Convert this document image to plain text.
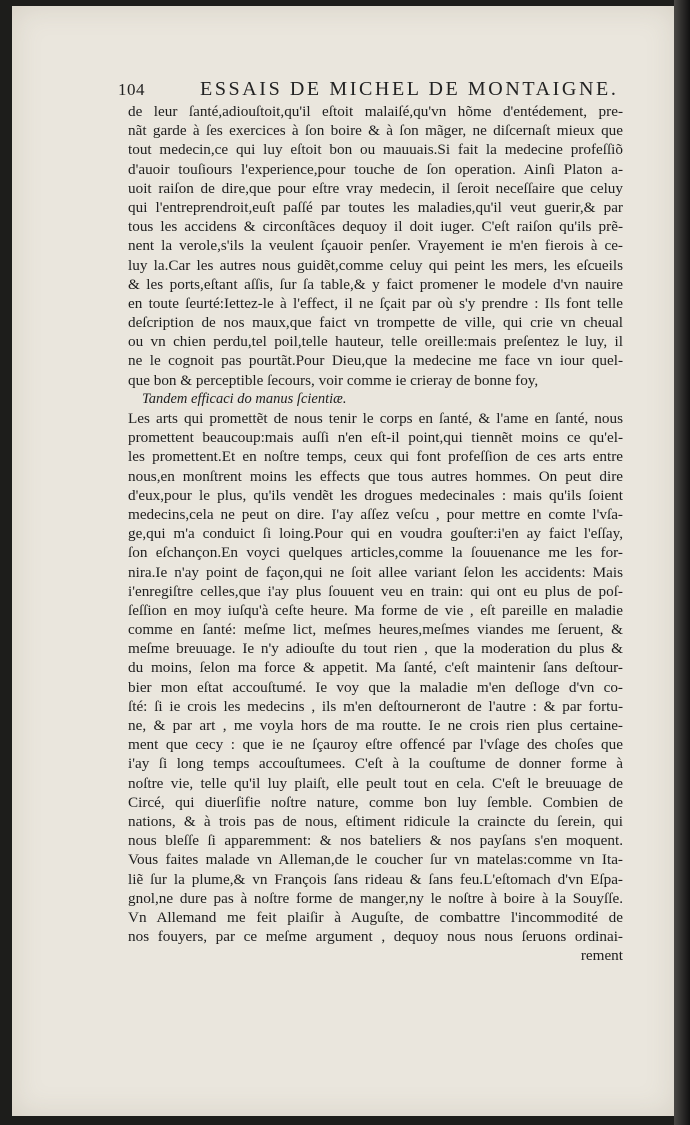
104	ESSAIS DE MICHEL DE MONTAIGNE.
de leur ſanté,adiouſtoit,qu'il eſtoit malaiſé,qu'vn hõme d'entédement, pre-
nãt garde à ſes exercices à ſon boire & à ſon mãger, ne diſcernaſt mieux que
tout medecin,ce qui luy eſtoit bon ou mauuais.Si fait la medecine profeſſiõ
d'auoir touſiours l'experience,pour touche de ſon operation. Ainſi Platon a-
uoit raiſon de dire,que pour eſtre vray medecin, il ſeroit neceſſaire que celuy
qui l'entreprendroit,euſt paſſé par toutes les maladies,qu'il veut guerir,& par
tous les accidens & circonſtãces dequoy il doit iuger. C'eſt raiſon qu'ils prẽ-
nent la verole,s'ils la veulent ſçauoir penſer. Vrayement ie m'en fierois à ce-
luy la.Car les autres nous guidẽt,comme celuy qui peint les mers, les eſcueils
& les ports,eſtant aſſis, ſur ſa table,& y faict promener le modele d'vn nauire
en toute ſeurté:Iettez-le à l'effect, il ne ſçait par où s'y prendre : Ils font telle
deſcription de nos maux,que faict vn trompette de ville, qui crie vn cheual
ou vn chien perdu,tel poil,telle hauteur, telle oreille:mais preſentez le luy, il
ne le cognoit pas pourtãt.Pour Dieu,que la medecine me face vn iour quel-
que bon & perceptible ſecours, voir comme ie crieray de bonne foy,
Tandem efficaci do manus ſcientiæ.
Les arts qui promettẽt de nous tenir le corps en ſanté, & l'ame en ſanté, nous
promettent beaucoup:mais auſſi n'en eſt-il point,qui tiennẽt moins ce qu'el-
les promettent.Et en noſtre temps, ceux qui font profeſſion de ces arts entre
nous,en monſtrent moins les effects que tous autres hommes. On peut dire
d'eux,pour le plus, qu'ils vendẽt les drogues medecinales : mais qu'ils ſoient
medecins,cela ne peut on dire. I'ay aſſez veſcu , pour mettre en comte l'vſa-
ge,qui m'a conduict ſi loing.Pour qui en voudra gouſter:i'en ay faict l'eſſay,
ſon eſchançon.En voyci quelques articles,comme la ſouuenance me les for-
nira.Ie n'ay point de façon,qui ne ſoit allee variant ſelon les accidents: Mais
i'enregiſtre celles,que i'ay plus ſouuent veu en train: qui ont eu plus de poſ-
ſeſſion en moy iuſqu'à ceſte heure. Ma forme de vie , eſt pareille en maladie
comme en ſanté: meſme lict, meſmes heures,meſmes viandes me ſeruent, &
meſme breuuage. Ie n'y adiouſte du tout rien , que la moderation du plus &
du moins, ſelon ma force & appetit. Ma ſanté, c'eſt maintenir ſans deſtour-
bier mon eſtat accouſtumé. Ie voy que la maladie m'en deſloge d'vn co-
ſté: ſi ie crois les medecins , ils m'en deſtourneront de l'autre : & par fortu-
ne, & par art , me voyla hors de ma routte. Ie ne crois rien plus certaine-
ment que cecy : que ie ne ſçauroy eſtre offencé par l'vſage des choſes que
i'ay ſi long temps accouſtumees. C'eſt à la couſtume de donner forme à
noſtre vie, telle qu'il luy plaiſt, elle peult tout en cela. C'eſt le breuuage de
Circé, qui diuerſifie noſtre nature, comme bon luy ſemble. Combien de
nations, & à trois pas de nous, eſtiment ridicule la craincte du ſerein, qui
nous bleſſe ſi apparemment: & nos bateliers & nos payſans s'en moquent.
Vous faites malade vn Alleman,de le coucher ſur vn matelas:comme vn Ita-
liẽ ſur la plume,& vn François ſans rideau & ſans feu.L'eſtomach d'vn Eſpa-
gnol,ne dure pas à noſtre forme de manger,ny le noſtre à boire à la Souyſſe.
Vn Allemand me feit plaiſir à Auguſte, de combattre l'incommodité de
nos fouyers, par ce meſme argument , dequoy nous nous ſeruons ordinai-
rement
